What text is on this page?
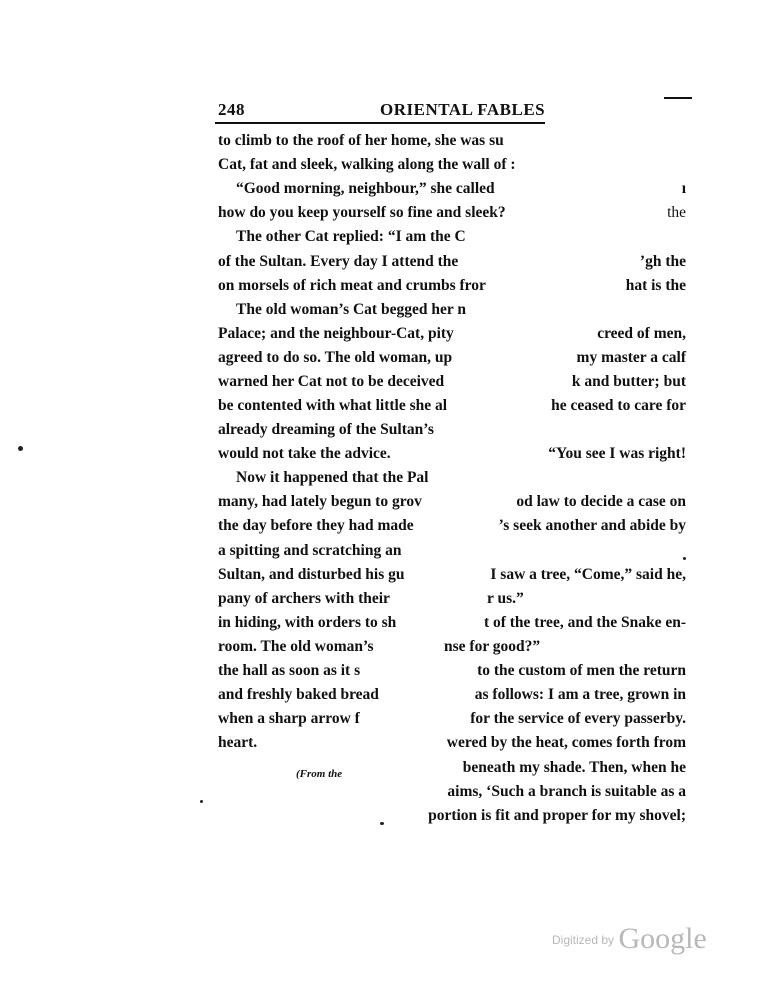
248	ORIENTAL FABLES
to climb to the roof of her home, she was su
Cat, fat and sleek, walking along the wall of :
“Good morning, neighbour,” she called
how do you keep yourself so fine and sleek?
The other Cat replied: “I am the C
of the Sultan. Every day I attend the
on morsels of rich meat and crumbs fror
The old woman’s Cat begged her n
Palace; and the neighbour-Cat, pity
agreed to do so. The old woman, up
warned her Cat not to be deceived
be contented with what little she al
already dreaming of the Sultan’s
would not take the advice.
Now it happened that the Pal
many, had lately begun to grov
the day before they had made
a spitting and scratching an
Sultan, and disturbed his gu
pany of archers with their
in hiding, with orders to sh
room. The old woman’s
the hall as soon as it s
and freshly baked bread
when a sharp arrow f
heart.
(From the
ı
the
’gh the
hat is the
creed of men,
my master a calf
k and butter; but
he ceased to care for
“You see I was right!
od law to decide a case on
’s seek another and abide by
I saw a tree, “Come,” said he,
r us.”
t of the tree, and the Snake en-
nse for good?”
to the custom of men the return
as follows: I am a tree, grown in
for the service of every passerby.
wered by the heat, comes forth from
beneath my shade. Then, when he
aims, ‘Such a branch is suitable as a
portion is fit and proper for my shovel;
$^{Digitized by}$ Google
